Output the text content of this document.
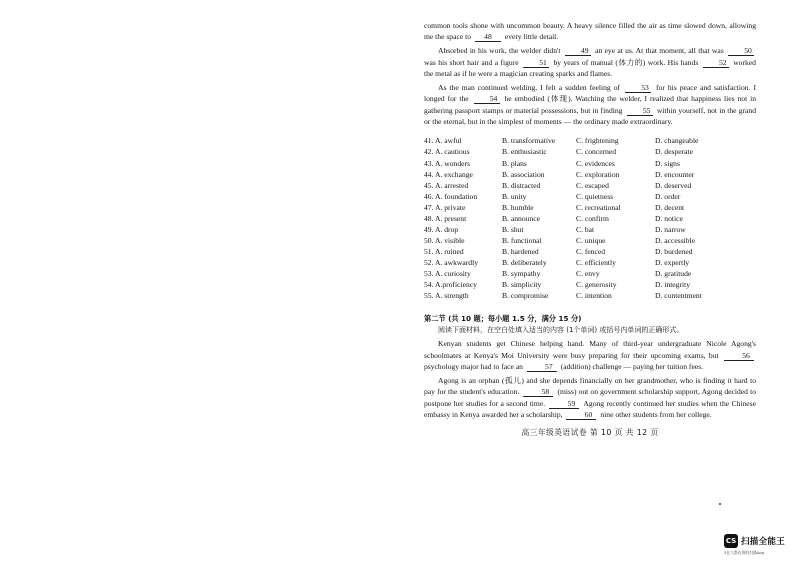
common tools shone with uncommon beauty. A heavy silence filled the air as time slowed down, allowing me the space to 48 every little detail.

Absorbed in his work, the welder didn't	49 an eye at us. At that moment, all that was	50 was his short hair and a figure	51 by years of manual (体力的) work. His hands	52 worked the metal as if he were a magician creating sparks and flames.

As the man continued welding, I felt a sudden feeling of	53 for his peace and satisfaction. I longed for the	54 he embodied (体现). Watching the welder, I realized that happiness lies not in gathering passport stamps or material possessions, but in finding	55 within yourself, not in the grand or the eternal, but in the simplest of moments — the ordinary made extraordinary.

41. A. awful	B. transformative	C. frightening	D. changeable
42. A. cautious	B. enthusiastic	C. concerned	D. desperate
43. A. wonders	B. plans	C. evidences	D. signs
44. A. exchange	B. association	C. exploration	D. encounter
45. A. arrested	B. distracted	C. escaped	D. deserved
46. A. foundation	B. unity	C. quietness	D. order
47. A. private	B. humble	C. recreational	D. decent
48. A. present	B. announce	C. confirm	D. notice
49. A. drop	B. shut	C. bat	D. narrow
50. A. visible	B. functional	C. unique	D. accessible
51. A. ruined	B. hardened	C. fenced	D. burdened
52. A. awkwardly	B. deliberately	C. efficiently	D. expertly
53. A. curiosity	B. sympathy	C. envy	D. gratitude
54. A.proficiency	B. simplicity	C. generosity	D. integrity
55. A. strength	B. compromise	C. intention	D. contentment
第二节 (共 10 题；每小题 1.5 分，满分 15 分)

阅读下面材料，在空白处填入适当的内容 (1个单词) 或括号内单词的正确形式。

Kenyan students get Chinese helping hand. Many of third-year undergraduate Nicole Agong's schoolmates at Kenya's Moi University were busy preparing for their upcoming exams, but	56 psychology major had to face an	57 (addition) challenge — paying her tuition fees.

Agong is an orphan (孤儿) and she depends financially on her grandmother, who is finding it hard to pay for the student's education.	58 (miss) out on government scholarship support, Agong decided to postpone her studies for a second time.	59 Agong recently continued her studies when the Chinese embassy in Kenya awarded her a scholarship,	60 nine other students from her college.

高三年级英语试卷 第 10 页 共 12 页
CS 扫描全能王
3亿人都在用的扫描App
